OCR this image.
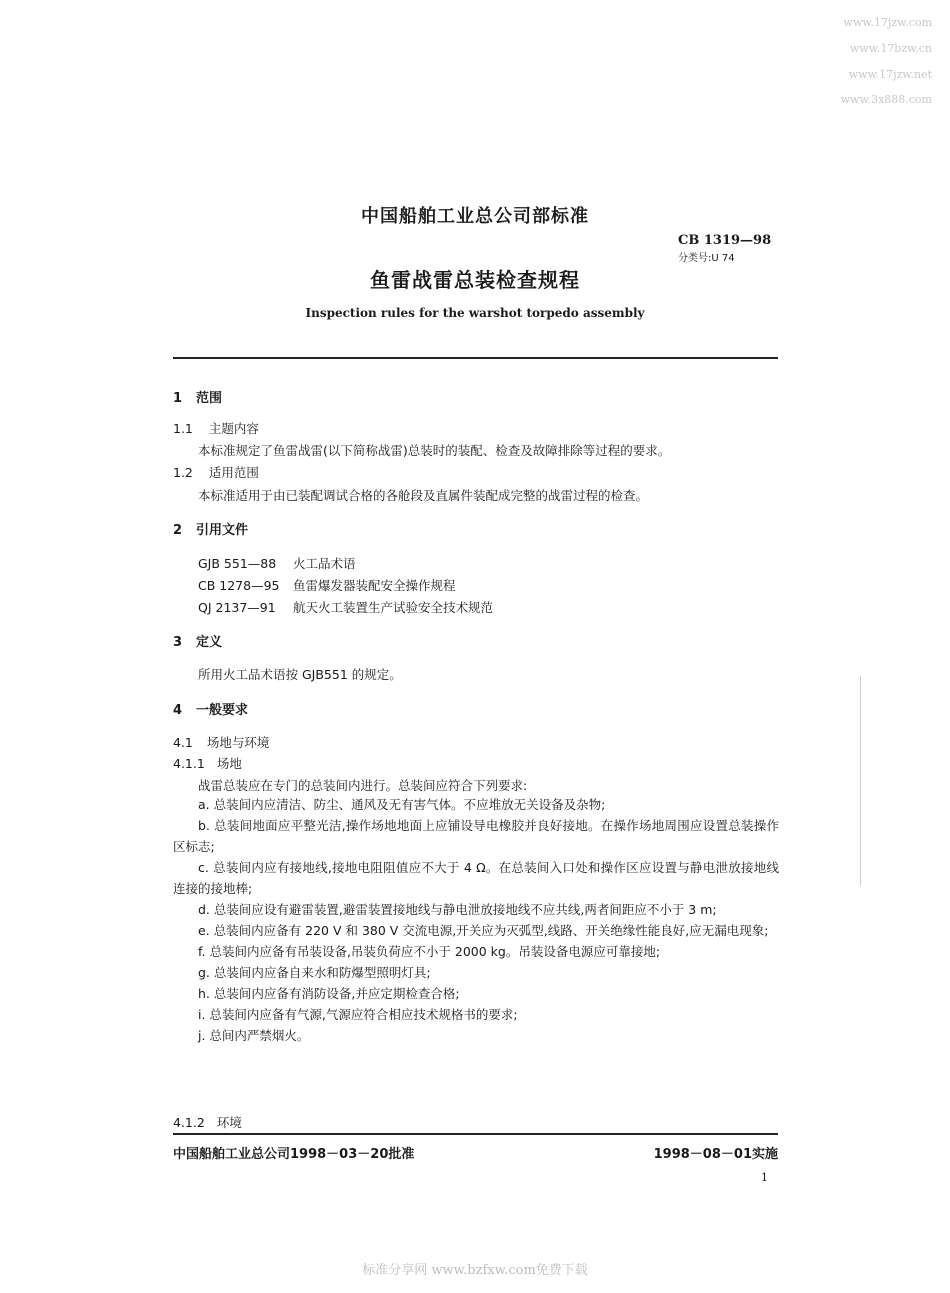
www.17jzw.com
www.17bzw.cn
www.17jzw.net
www.3x888.com
中国船舶工业总公司部标准
CB 1319—98
分类号:U 74
鱼雷战雷总装检查规程
Inspection rules for the warshot torpedo assembly
1 范围
1.1 主题内容
本标准规定了鱼雷战雷(以下简称战雷)总装时的装配、检查及故障排除等过程的要求。
1.2 适用范围
本标准适用于由已装配调试合格的各舱段及直属件装配成完整的战雷过程的检查。
2 引用文件
GJB 551—88 火工品术语
CB 1278—95 鱼雷爆发器装配安全操作规程
QJ 2137—91 航天火工装置生产试验安全技术规范
3 定义
所用火工品术语按 GJB551 的规定。
4 一般要求
4.1 场地与环境
4.1.1 场地
战雷总装应在专门的总装间内进行。总装间应符合下列要求:
a. 总装间内应清洁、防尘、通风及无有害气体。不应堆放无关设备及杂物;
b. 总装间地面应平整光洁,操作场地地面上应铺设导电橡胶并良好接地。在操作场地周围应设置总装操作区标志;
c. 总装间内应有接地线,接地电阻阻值应不大于 4 Ω。在总装间入口处和操作区应设置与静电泄放接地线连接的接地棒;
d. 总装间应设有避雷装置,避雷装置接地线与静电泄放接地线不应共线,两者间距应不小于 3 m;
e. 总装间内应备有 220 V 和 380 V 交流电源,开关应为灭弧型,线路、开关绝缘性能良好,应无漏电现象;
f. 总装间内应备有吊装设备,吊装负荷应不小于 2000 kg。吊装设备电源应可靠接地;
g. 总装间内应备自来水和防爆型照明灯具;
h. 总装间内应备有消防设备,并应定期检查合格;
i. 总装间内应备有气源,气源应符合相应技术规格书的要求;
j. 总间内严禁烟火。
4.1.2 环境
中国船舶工业总公司1998－03－20批准	1998－08－01实施
1
标准分享网 www.bzfxw.com免费下载
